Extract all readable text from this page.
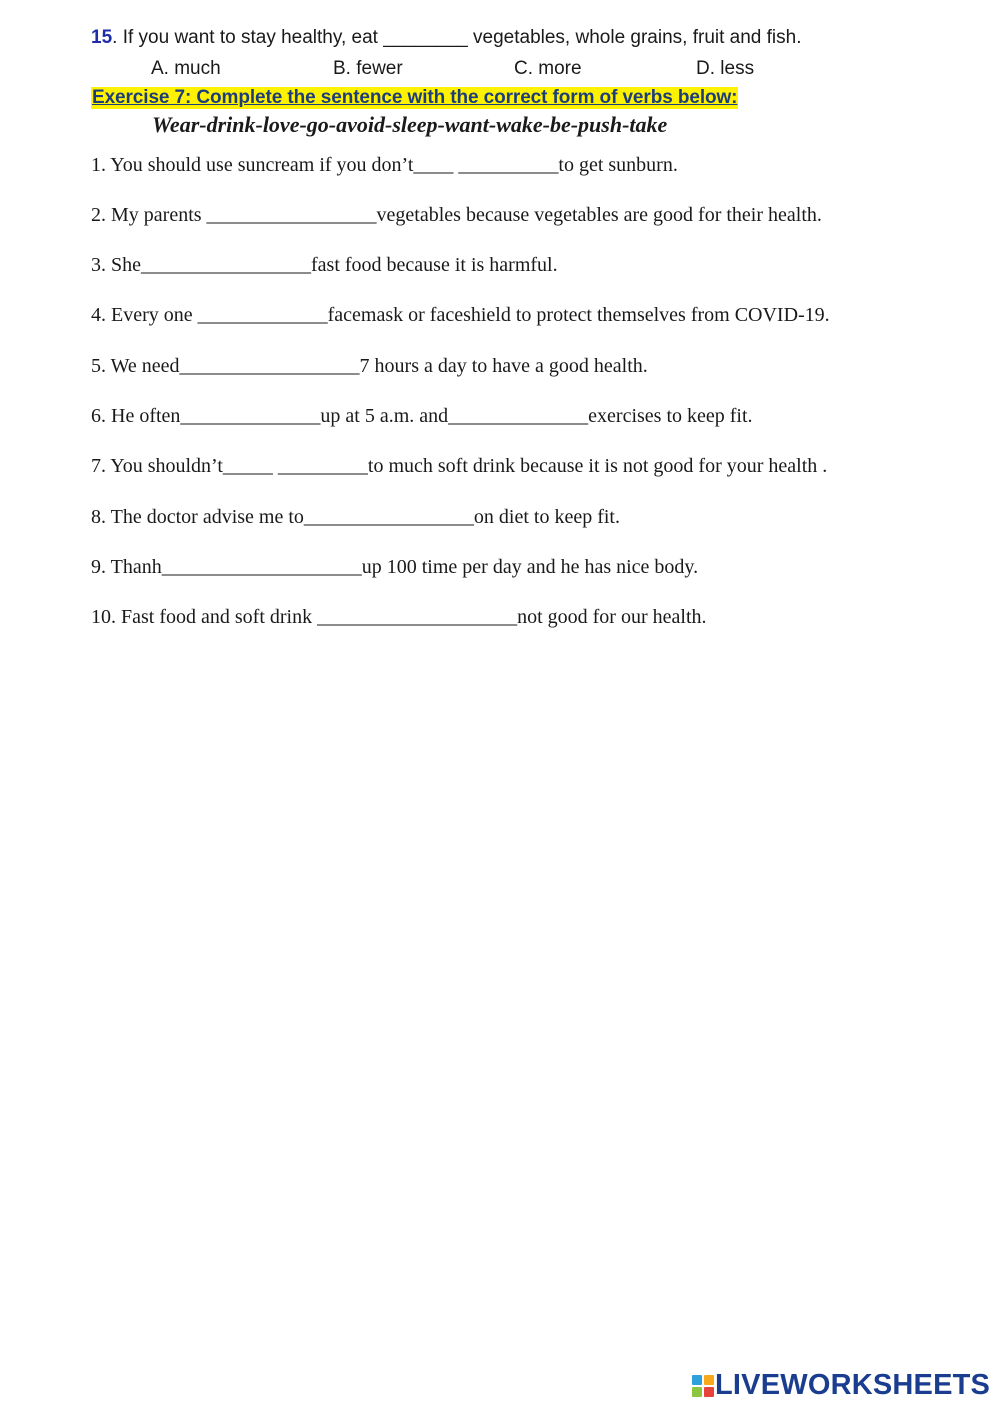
15. If you want to stay healthy, eat ________ vegetables, whole grains, fruit and fish.
A. much	B. fewer	C. more	D. less
Exercise 7: Complete the sentence with the correct form of verbs below:
Wear-drink-love-go-avoid-sleep-want-wake-be-push-take
1. You should use suncream if you don’t____ __________to get sunburn.
2. My parents _________________vegetables because vegetables are good for their health.
3. She_________________fast food because it is harmful.
4. Every one _____________facemask or faceshield to protect themselves from COVID-19.
5. We need__________________7 hours a day to have a good health.
6. He often______________up at 5 a.m. and______________exercises to keep fit.
7. You shouldn’t_____ _________to much soft drink because it is not good for your health .
8. The doctor advise me to_________________on diet to keep fit.
9. Thanh____________________up 100 time per day and he has nice body.
10. Fast food and soft drink ____________________not good for our health.
LIVEWORKSHEETS
